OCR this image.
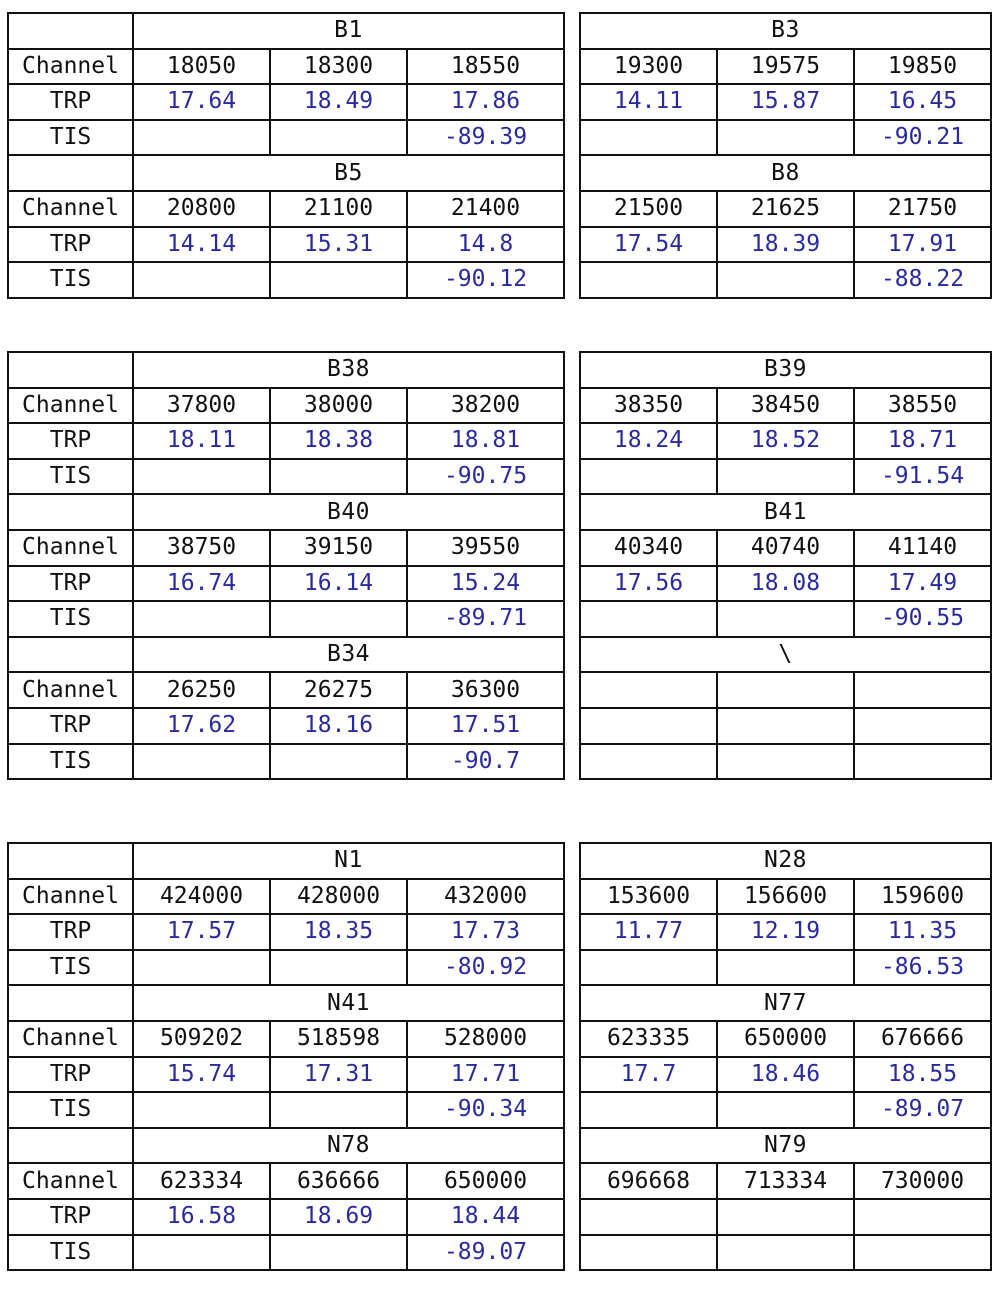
	B1				B3		
Channel	18050	18300	18550		19300	19575	19850
TRP	17.64	18.49	17.86		14.11	15.87	16.45
TIS			-89.39				-90.21
	B5				B8		
Channel	20800	21100	21400		21500	21625	21750
TRP	14.14	15.31	14.8		17.54	18.39	17.91
TIS			-90.12				-88.22
	B38				B39		
Channel	37800	38000	38200		38350	38450	38550
TRP	18.11	18.38	18.81		18.24	18.52	18.71
TIS			-90.75				-91.54
	B40				B41		
Channel	38750	39150	39550		40340	40740	41140
TRP	16.74	16.14	15.24		17.56	18.08	17.49
TIS			-89.71				-90.55
	B34				\		
Channel	26250	26275	36300				
TRP	17.62	18.16	17.51				
TIS			-90.7				
	N1				N28		
Channel	424000	428000	432000		153600	156600	159600
TRP	17.57	18.35	17.73		11.77	12.19	11.35
TIS			-80.92				-86.53
	N41				N77		
Channel	509202	518598	528000		623335	650000	676666
TRP	15.74	17.31	17.71		17.7	18.46	18.55
TIS			-90.34				-89.07
	N78				N79		
Channel	623334	636666	650000		696668	713334	730000
TRP	16.58	18.69	18.44				
TIS			-89.07				
